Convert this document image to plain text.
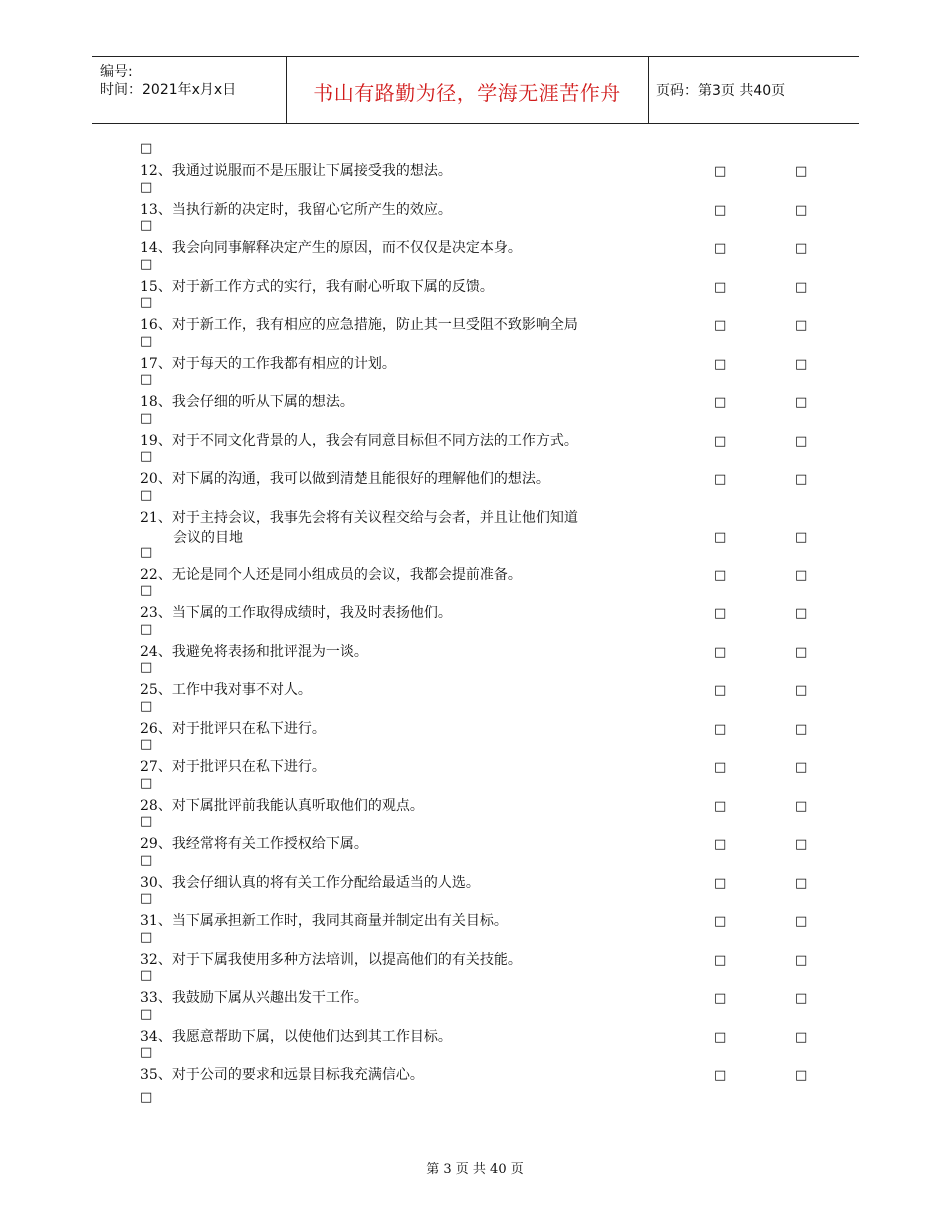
编号:
时间：2021年x月x日	书山有路勤为径，学海无涯苦作舟	页码：第3页 共40页
□
12、我通过说服而不是压服让下属接受我的想法。	□	□
□
13、当执行新的决定时，我留心它所产生的效应。	□	□
□
14、我会向同事解释决定产生的原因，而不仅仅是决定本身。	□	□
□
15、对于新工作方式的实行，我有耐心听取下属的反馈。	□	□
□
16、对于新工作，我有相应的应急措施，防止其一旦受阻不致影响全局	□	□
□
17、对于每天的工作我都有相应的计划。	□	□
□
18、我会仔细的听从下属的想法。	□	□
□
19、对于不同文化背景的人，我会有同意目标但不同方法的工作方式。	□	□
□
20、对下属的沟通，我可以做到清楚且能很好的理解他们的想法。	□	□
□
21、对于主持会议，我事先会将有关议程交给与会者，并且让他们知道
会议的目地	□	□
□
22、无论是同个人还是同小组成员的会议，我都会提前准备。	□	□
□
23、当下属的工作取得成绩时，我及时表扬他们。	□	□
□
24、我避免将表扬和批评混为一谈。	□	□
□
25、工作中我对事不对人。	□	□
□
26、对于批评只在私下进行。	□	□
□
27、对于批评只在私下进行。	□	□
□
28、对下属批评前我能认真听取他们的观点。	□	□
□
29、我经常将有关工作授权给下属。	□	□
□
30、我会仔细认真的将有关工作分配给最适当的人选。	□	□
□
31、当下属承担新工作时，我同其商量并制定出有关目标。	□	□
□
32、对于下属我使用多种方法培训，以提高他们的有关技能。	□	□
□
33、我鼓励下属从兴趣出发干工作。	□	□
□
34、我愿意帮助下属，以使他们达到其工作目标。	□	□
□
35、对于公司的要求和远景目标我充满信心。	□	□
□
第 3 页 共 40 页
